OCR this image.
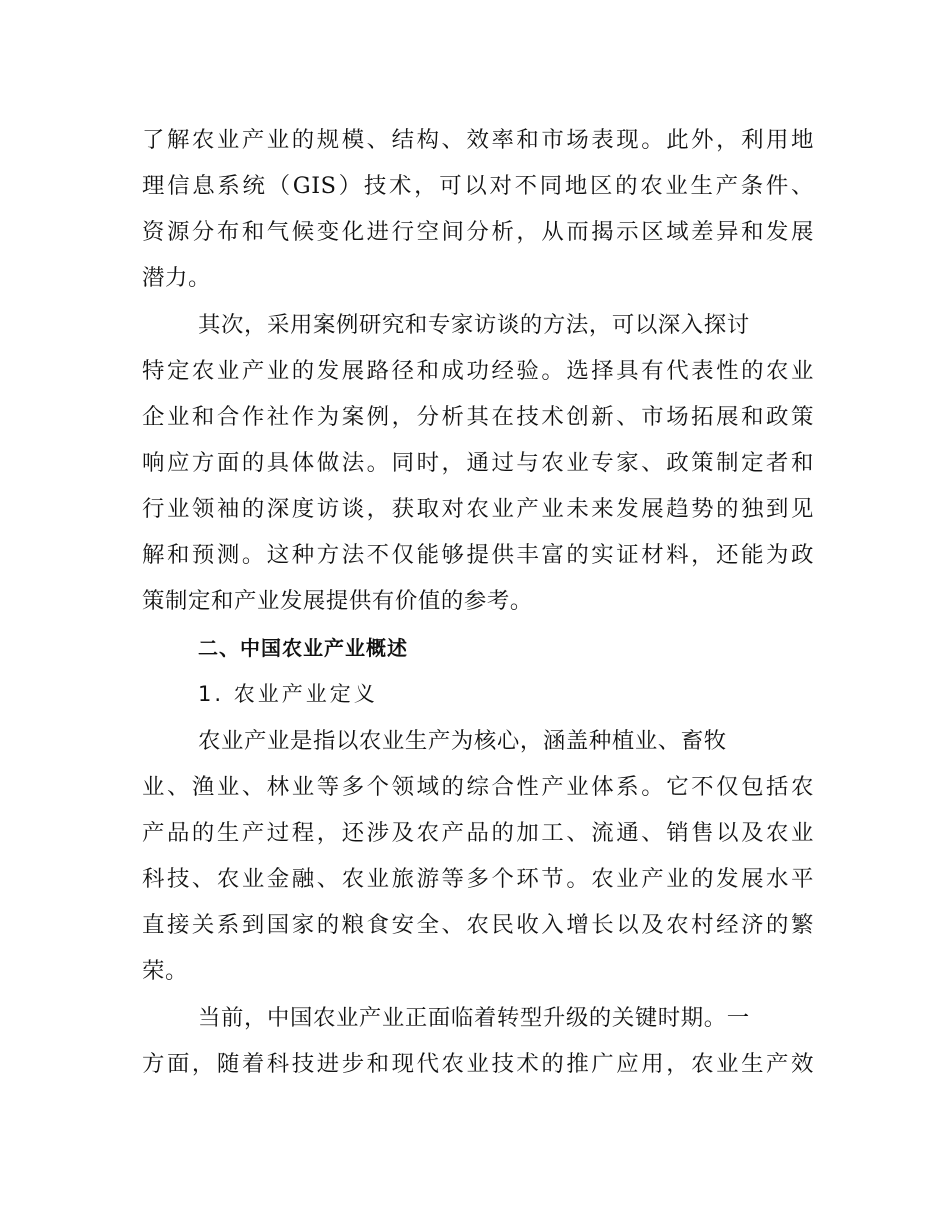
了解农业产业的规模、结构、效率和市场表现。此外，利用地
理信息系统（GIS）技术，可以对不同地区的农业生产条件、
资源分布和气候变化进行空间分析，从而揭示区域差异和发展
潜力。
其次，采用案例研究和专家访谈的方法，可以深入探讨
特定农业产业的发展路径和成功经验。选择具有代表性的农业
企业和合作社作为案例，分析其在技术创新、市场拓展和政策
响应方面的具体做法。同时，通过与农业专家、政策制定者和
行业领袖的深度访谈，获取对农业产业未来发展趋势的独到见
解和预测。这种方法不仅能够提供丰富的实证材料，还能为政
策制定和产业发展提供有价值的参考。
二、中国农业产业概述
1. 农业产业定义
农业产业是指以农业生产为核心，涵盖种植业、畜牧
业、渔业、林业等多个领域的综合性产业体系。它不仅包括农
产品的生产过程，还涉及农产品的加工、流通、销售以及农业
科技、农业金融、农业旅游等多个环节。农业产业的发展水平
直接关系到国家的粮食安全、农民收入增长以及农村经济的繁
荣。
当前，中国农业产业正面临着转型升级的关键时期。一
方面，随着科技进步和现代农业技术的推广应用，农业生产效
